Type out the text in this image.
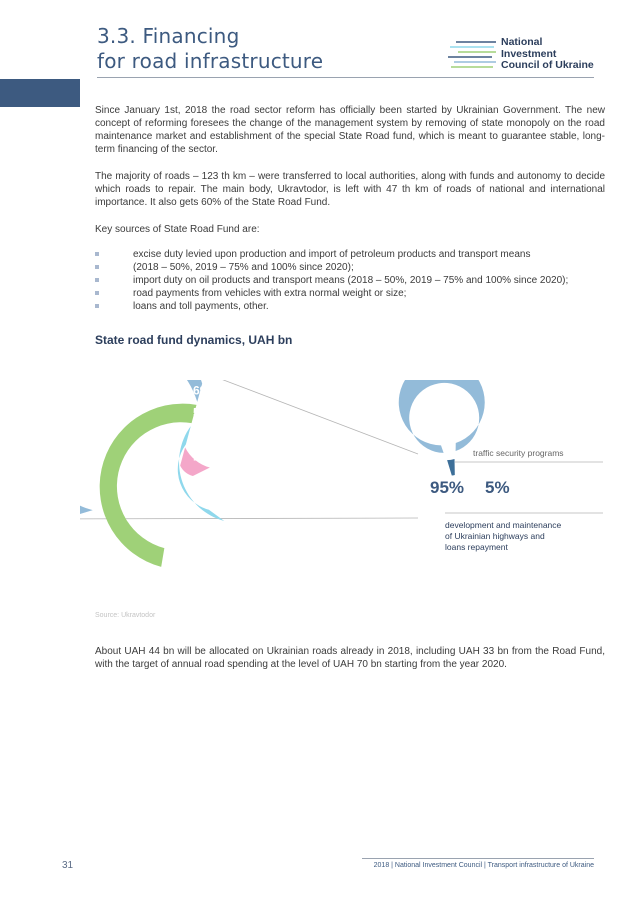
3.3. Financing
for road infrastructure

National
Investment
Council of Ukraine

Since January 1st, 2018 the road sector reform has officially been started by Ukrainian Government. The new concept of reforming foresees the change of the management system by removing of state monopoly on the road maintenance market and establishment of the special State Road fund, which is meant to guarantee stable, long-term financing of the sector.

The majority of roads – 123 th km – were transferred to local authorities, along with funds and autonomy to decide which roads to repair. The main body, Ukravtodor, is left with 47 th km of roads of national and international importance. It also gets 60% of the State Road Fund.

Key sources of State Road Fund are:

excise duty levied upon production and import of petroleum products and transport means
(2018 – 50%, 2019 – 75% and 100% since 2020);
import duty on oil products and transport means (2018 – 50%, 2019 – 75% and 100% since 2020);
road payments from vehicles with extra normal weight or size;
loans and toll payments, other.
State road fund dynamics, UAH bn
69,8
51,2
32,6
14,2
95% 5%
traffic security programs
development and maintenance of Ukrainian highways and loans repayment

Source: Ukravtodor

About UAH 44 bn will be allocated on Ukrainian roads already in 2018, including UAH 33 bn from the Road Fund, with the target of annual road spending at the level of UAH 70 bn starting from the year 2020.

31	2018 | National Investment Council | Transport infrastructure of Ukraine
